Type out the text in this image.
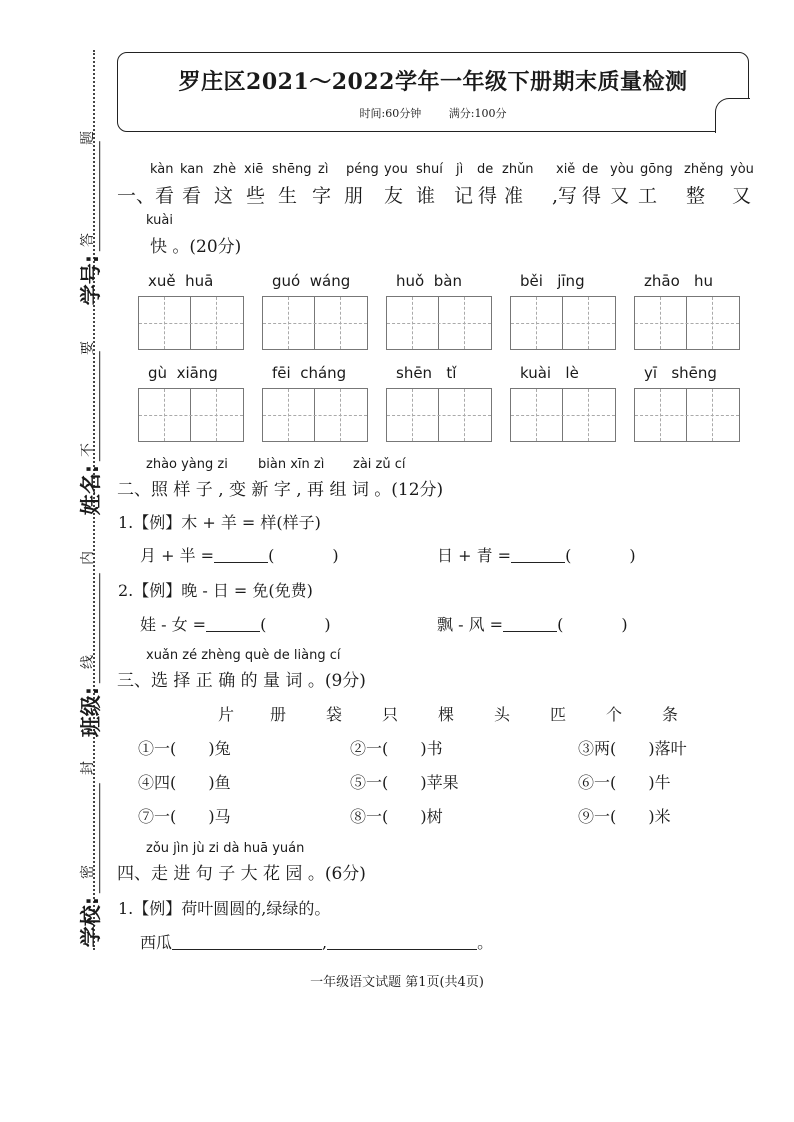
学号:
姓名:
班级:
学校:
题
答
要
不
内
线
封
密
罗庄区2021～2022学年一年级下册期末质量检测
时间:60分钟	满分:100分
kàn
一、看
kan
看
zhè
这
xiē
些
shēng
生
zì
字
péng
朋
you
友
shuí
谁
jì
记
de
得
zhǔn
准
xiě
,写
de
得
yòu
又
gōng
工
zhěng
整
yòu
又
kuài
快 。(20分)
xuě  huā	guó  wáng	huǒ  bàn	běi   jīng	zhāo   hu
gù  xiāng	fēi  cháng	shēn   tǐ	kuài   lè	yī   shēng
zhào yàng zi biàn xīn zì zài zǔ cí
二、照 样 子 , 变 新 字 , 再 组 词 。(12分)
1.【例】木 + 羊 = 样(样子)
月 + 半 =	(	)	日 + 青 =	(	)
2.【例】晚 - 日 = 免(免费)
娃 - 女 =	(	)	飘 - 风 =	(	)
xuǎn zé zhèng què de liàng cí
三、选 择 正 确 的 量 词 。(9分)
片 册 袋 只 棵 头 匹 个 条
①一(  )兔	②一(  )书	③两(  )落叶
④四(  )鱼	⑤一(  )苹果	⑥一(  )牛
⑦一(  )马	⑧一(  )树	⑨一(  )米
zǒu jìn jù zi dà huā yuán
四、走 进 句 子 大 花 园 。(6分)
1.【例】荷叶圆圆的,绿绿的。
西瓜	,	。
一年级语文试题 第1页(共4页)
